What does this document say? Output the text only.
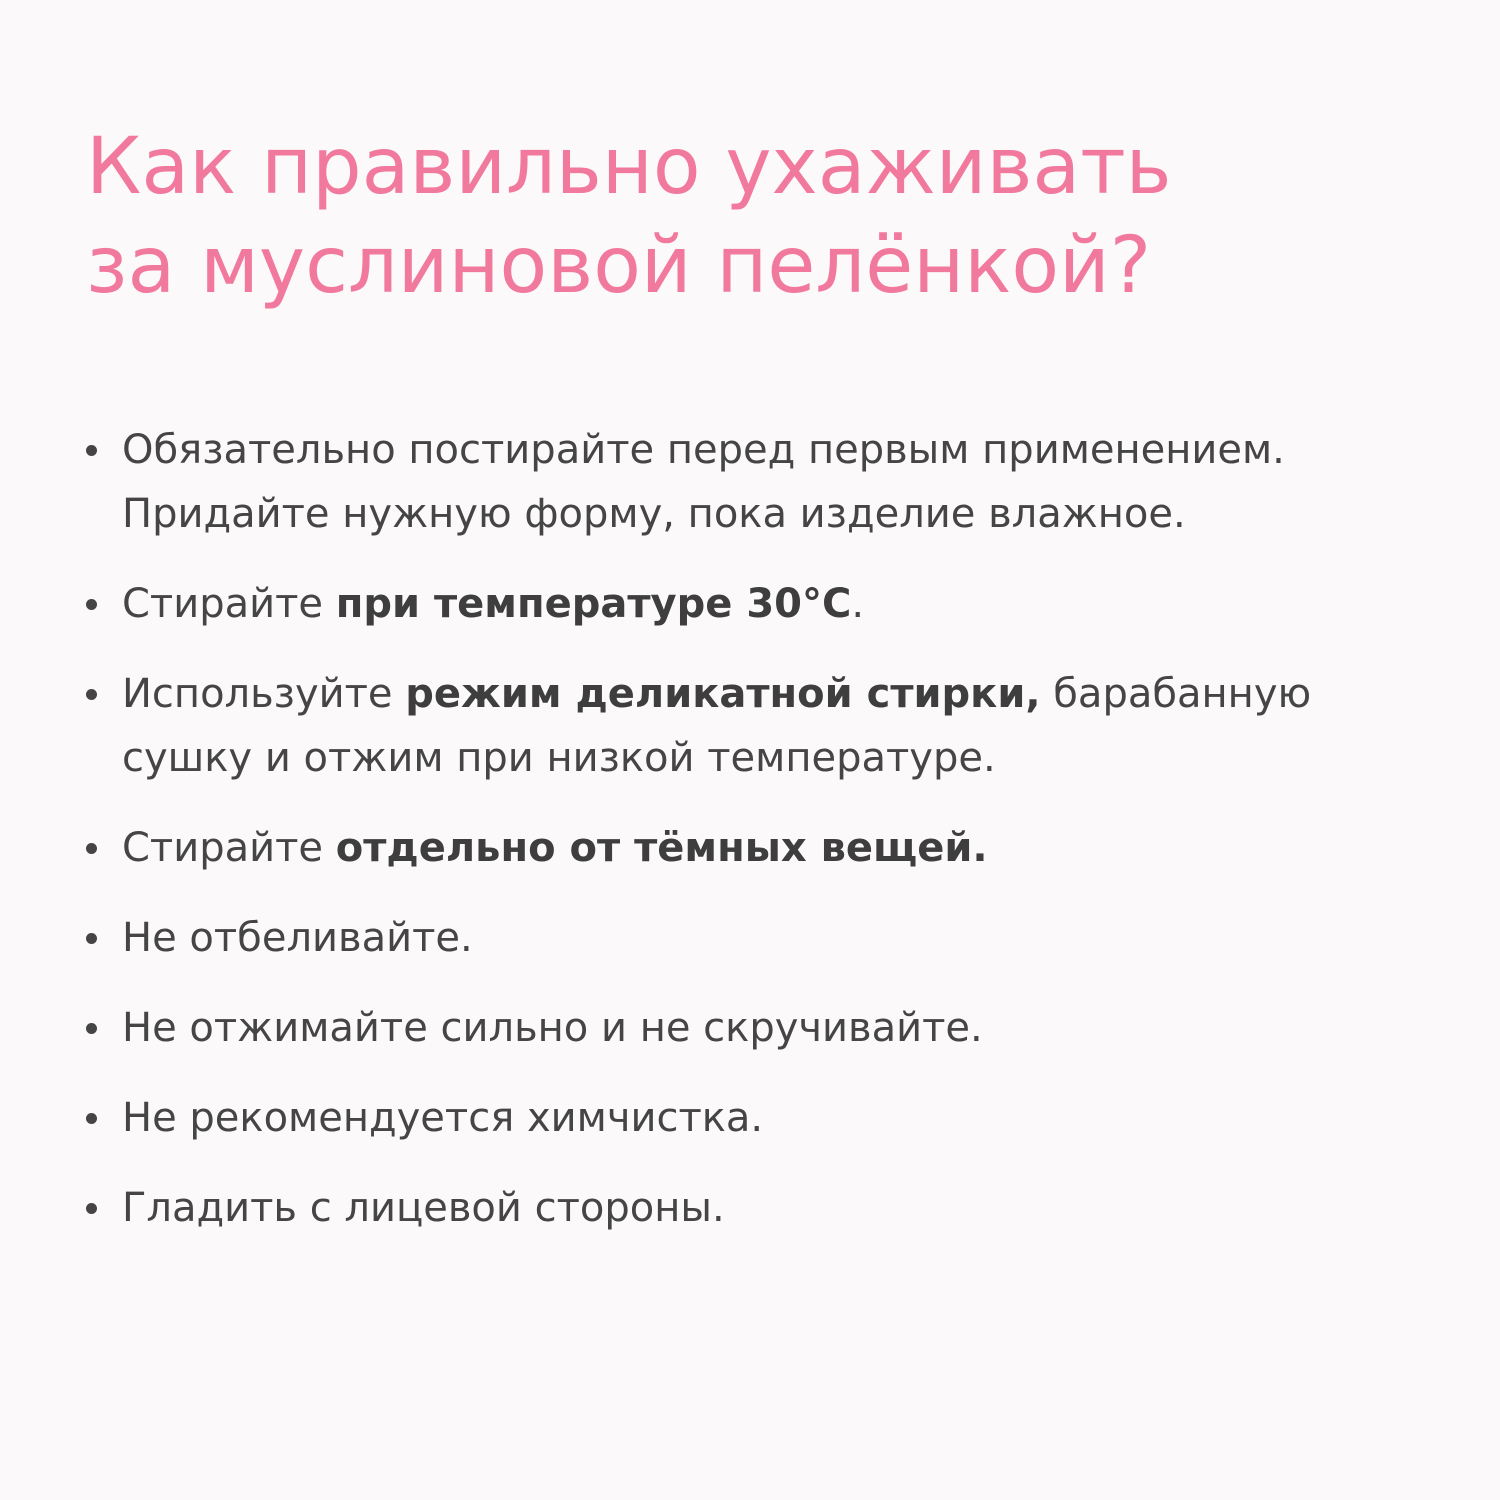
Как правильно ухаживать
за муслиновой пелёнкой?
Обязательно постирайте перед первым применением.
Придайте нужную форму, пока изделие влажное.
Стирайте при температуре 30°C.
Используйте режим деликатной стирки, барабанную
сушку и отжим при низкой температуре.
Стирайте отдельно от тёмных вещей.
Не отбеливайте.
Не отжимайте сильно и не скручивайте.
Не рекомендуется химчистка.
Гладить с лицевой стороны.
